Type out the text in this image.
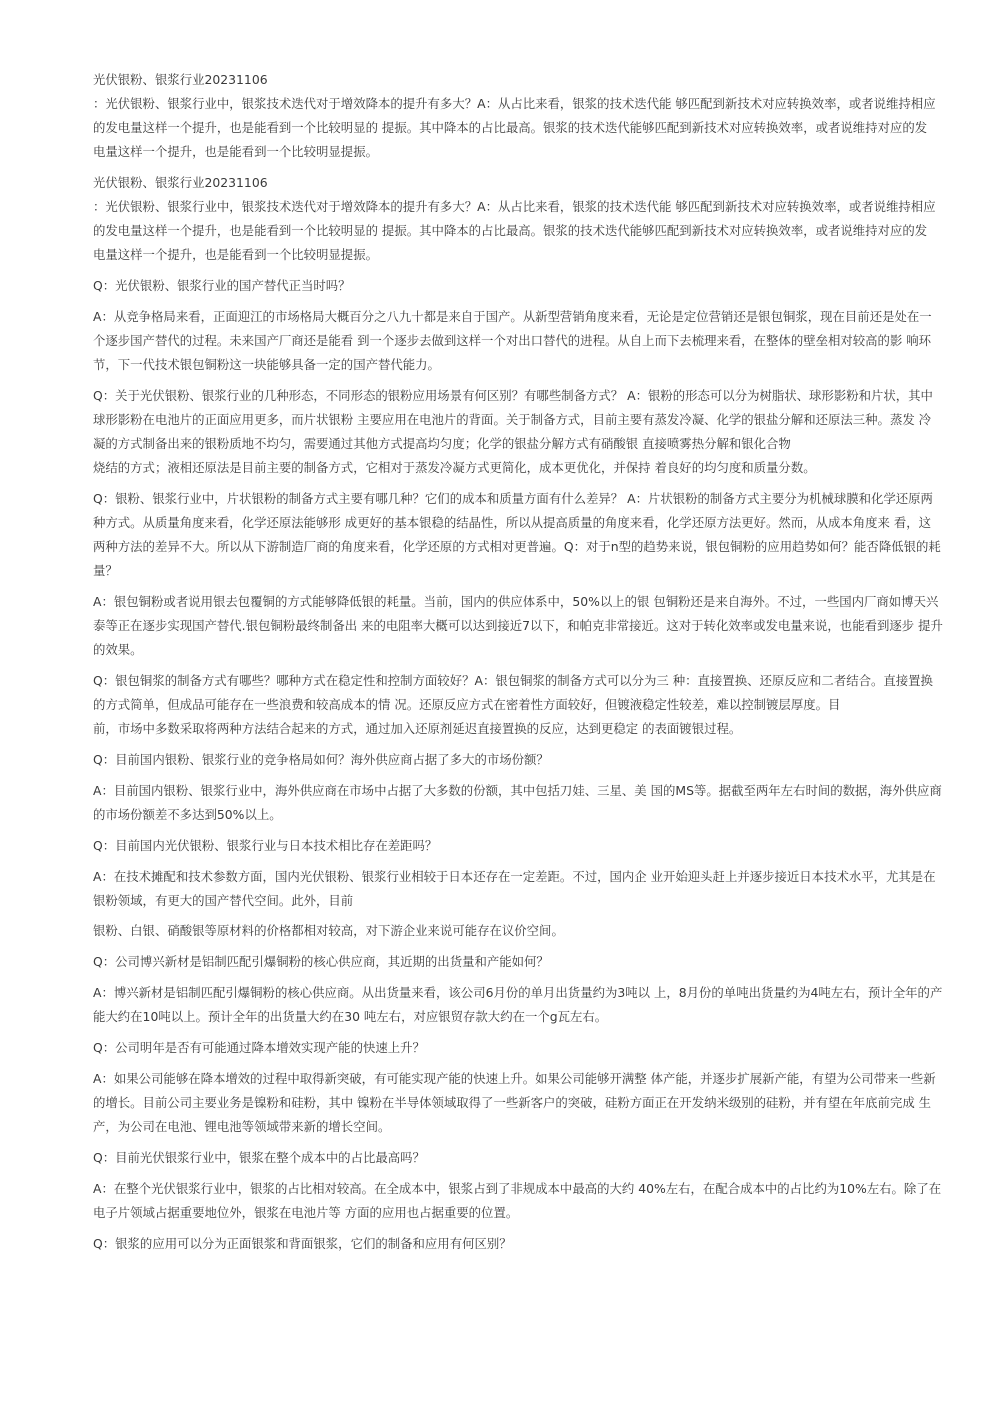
光伏银粉、银浆行业20231106
：光伏银粉、银浆行业中，银浆技术迭代对于增效降本的提升有多大？A：从占比来看，银浆的技术迭代能 够匹配到新技术对应转换效率，或者说维持相应的发电量这样一个提升，也是能看到一个比较明显的 提振。其中降本的占比最高。银浆的技术迭代能够匹配到新技术对应转换效率，或者说维持对应的发 电量这样一个提升，也是能看到一个比较明显提振。

光伏银粉、银浆行业20231106
：光伏银粉、银浆行业中，银浆技术迭代对于增效降本的提升有多大？A：从占比来看，银浆的技术迭代能 够匹配到新技术对应转换效率，或者说维持相应的发电量这样一个提升，也是能看到一个比较明显的 提振。其中降本的占比最高。银浆的技术迭代能够匹配到新技术对应转换效率，或者说维持对应的发 电量这样一个提升，也是能看到一个比较明显提振。

Q：光伏银粉、银浆行业的国产替代正当时吗？

A：从竞争格局来看，正面迎江的市场格局大概百分之八九十都是来自于国产。从新型营销角度来看，无论是定位营销还是银包铜浆，现在目前还是处在一个逐步国产替代的过程。未来国产厂商还是能看 到一个逐步去做到这样一个对出口替代的进程。从自上而下去梳理来看，在整体的壁垒相对较高的影 响环节，下一代技术银包铜粉这一块能够具备一定的国产替代能力。

Q：关于光伏银粉、银浆行业的几种形态，不同形态的银粉应用场景有何区别？有哪些制备方式？ A：银粉的形态可以分为树脂状、球形影粉和片状，其中球形影粉在电池片的正面应用更多，而片状银粉 主要应用在电池片的背面。关于制备方式，目前主要有蒸发冷凝、化学的银盐分解和还原法三种。蒸发 冷凝的方式制备出来的银粉质地不均匀，需要通过其他方式提高均匀度；化学的银盐分解方式有硝酸银 直接喷雾热分解和银化合物
烧结的方式；液相还原法是目前主要的制备方式，它相对于蒸发冷凝方式更简化，成本更优化，并保持 着良好的均匀度和质量分数。

Q：银粉、银浆行业中，片状银粉的制备方式主要有哪几种？它们的成本和质量方面有什么差异？ A：片状银粉的制备方式主要分为机械球膜和化学还原两种方式。从质量角度来看，化学还原法能够形 成更好的基本银稳的结晶性，所以从提高质量的角度来看，化学还原方法更好。然而，从成本角度来 看，这两种方法的差异不大。所以从下游制造厂商的角度来看，化学还原的方式相对更普遍。Q：对于n型的趋势来说，银包铜粉的应用趋势如何？能否降低银的耗量？

A：银包铜粉或者说用银去包覆铜的方式能够降低银的耗量。当前，国内的供应体系中，50%以上的银 包铜粉还是来自海外。不过，一些国内厂商如博天兴泰等正在逐步实现国产替代.银包铜粉最终制备出 来的电阻率大概可以达到接近7以下，和帕克非常接近。这对于转化效率或发电量来说，也能看到逐步 提升的效果。

Q：银包铜浆的制备方式有哪些？哪种方式在稳定性和控制方面较好？A：银包铜浆的制备方式可以分为三 种：直接置换、还原反应和二者结合。直接置换的方式简单，但成品可能存在一些浪费和较高成本的情 况。还原反应方式在密着性方面较好，但镀液稳定性较差，难以控制镀层厚度。目
前，市场中多数采取将两种方法结合起来的方式，通过加入还原剂延迟直接置换的反应，达到更稳定 的表面镀银过程。

Q：目前国内银粉、银浆行业的竞争格局如何？海外供应商占据了多大的市场份额？

A：目前国内银粉、银浆行业中，海外供应商在市场中占据了大多数的份额，其中包括刀娃、三星、美 国的MS等。据截至两年左右时间的数据，海外供应商的市场份额差不多达到50%以上。

Q：目前国内光伏银粉、银浆行业与日本技术相比存在差距吗？

A：在技术摊配和技术参数方面，国内光伏银粉、银浆行业相较于日本还存在一定差距。不过，国内企 业开始迎头赶上并逐步接近日本技术水平，尤其是在银粉领域，有更大的国产替代空间。此外，目前

银粉、白银、硝酸银等原材料的价格都相对较高，对下游企业来说可能存在议价空间。

Q：公司博兴新材是铝制匹配引爆铜粉的核心供应商，其近期的出货量和产能如何？

A：博兴新材是铝制匹配引爆铜粉的核心供应商。从出货量来看，该公司6月份的单月出货量约为3吨以 上，8月份的单吨出货量约为4吨左右，预计全年的产能大约在10吨以上。预计全年的出货量大约在30 吨左右，对应银贸存款大约在一个g瓦左右。

Q：公司明年是否有可能通过降本增效实现产能的快速上升？

A：如果公司能够在降本增效的过程中取得新突破，有可能实现产能的快速上升。如果公司能够开满整 体产能，并逐步扩展新产能，有望为公司带来一些新的增长。目前公司主要业务是镍粉和硅粉，其中 镍粉在半导体领域取得了一些新客户的突破，硅粉方面正在开发纳米级别的硅粉，并有望在年底前完成 生产，为公司在电池、锂电池等领域带来新的增长空间。

Q：目前光伏银浆行业中，银浆在整个成本中的占比最高吗？

A：在整个光伏银浆行业中，银浆的占比相对较高。在全成本中，银浆占到了非规成本中最高的大约 40%左右，在配合成本中的占比约为10%左右。除了在电子片领域占据重要地位外，银浆在电池片等 方面的应用也占据重要的位置。

Q：银浆的应用可以分为正面银浆和背面银浆，它们的制备和应用有何区别？
